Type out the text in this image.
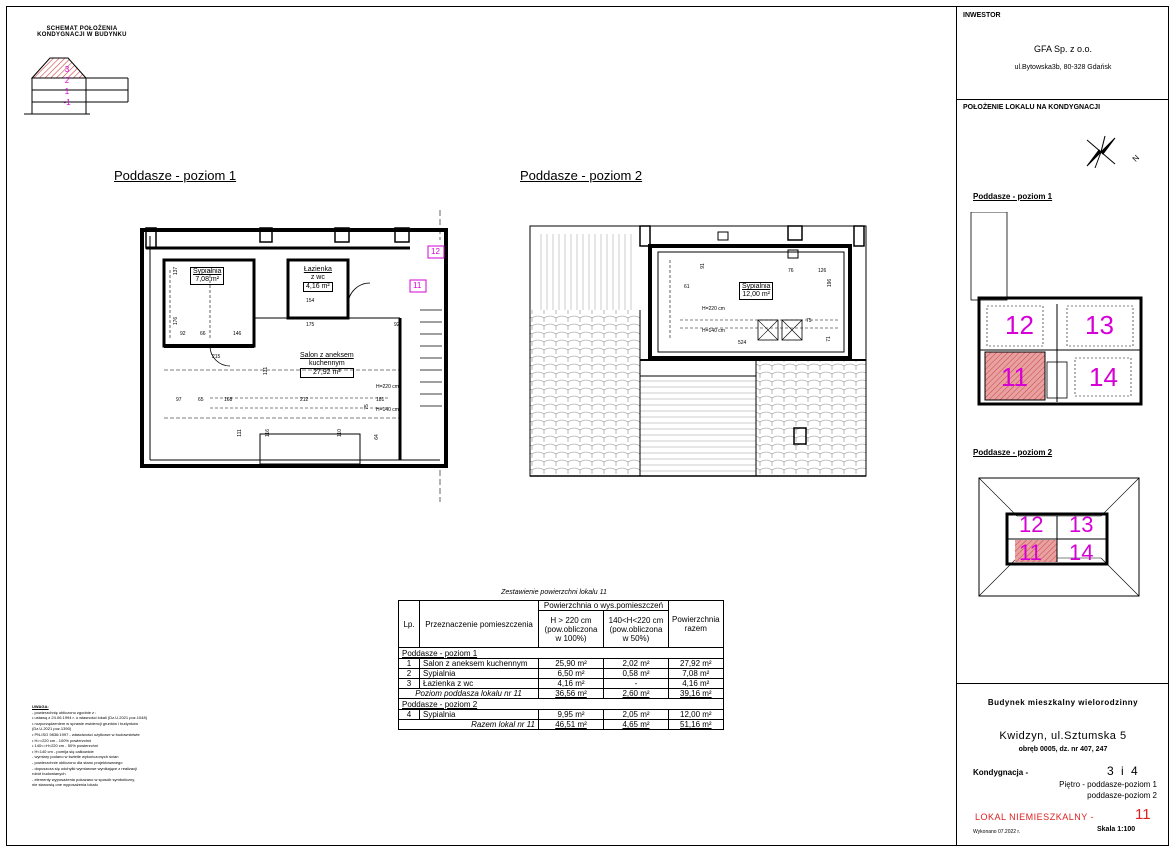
SCHEMAT POŁOŻENIA
KONDYGNACJI W BUDYNKU
3
2
1
-1
Poddasze - poziom 1	Poddasze - poziom 2
12
11
Sypialnia
7,08 m²
Łazienka
z wc
4,16 m²
Salon z aneksem
kuchennym
27,92 m²
H=220 cm
H=140 cm
137
176
92	66
215
146
97	65	168	212	181
111	116	110
75
64
175
154
92
131
Sypialnia
12,00 m²
H=220 cm
H=140 cm
91
61
76	126
196
71
524
75
Zestawienie powierzchni lokalu 11
Lp.	Przeznaczenie pomieszczenia	Powierzchnia o wys.pomieszczeń		Powierzchnia razem
		H > 220 cm (pow.obliczona w 100%)	140<H<220 cm (pow.obliczona w 50%)	
Poddasze - poziom 1				
1	Salon z aneksem kuchennym	25,90 m²	2,02 m²	27,92 m²
2	Sypialnia	6,50 m²	0,58 m²	7,08 m²
3	Łazienka z wc	4,16 m²	-	4,16 m²
Poziom poddasza lokalu nr 11		36,56 m²	2,60 m²	39,16 m²
Poddasze - poziom 2				
4	Sypialnia	9,95 m²	2,05 m²	12,00 m²
Razem lokal nr 11		46,51 m²	4,65 m²	51,16 m²
UWAGA:
- powierzchnię obliczono zgodnie z :
• ustawą z 24.06.1994 r. o własności lokali (Dz.U.2021 poz.1048)
• rozporządzeniem w sprawie ewidencji gruntów i budynków
(Dz.U.2021 poz.1390)
• PN-ISO 9836:1997 - właściwości użytkowe w budownictwie
• H>=220 cm - 100% powierzchni
• 140<=H<220 cm - 50% powierzchni
• H<140 cm - pomija się całkowicie
- wymiary podano w świetle wykończonych ścian
- powierzchnie obliczono dla stanu projektowanego
- dopuszcza się odchyłki wymiarowe wynikające z realizacji
robót budowlanych
- elementy wyposażenia pokazano w sposób symboliczny,
nie stanowią one wyposażenia lokalu
INWESTOR
GFA Sp. z o.o.
ul.Bytowska3b, 80-328 Gdańsk
POŁOŻENIE LOKALU NA KONDYGNACJI
N
Poddasze - poziom 1
12 13
11 14
Poddasze - poziom 2
12 13
11 14
Budynek mieszkalny wielorodzinny
Kwidzyn, ul.Sztumska 5
obręb 0005, dz. nr 407, 247
Kondygnacja -	3 i 4
Piętro - poddasze-poziom 1
poddasze-poziom 2
LOKAL NIEMIESZKALNY -	11
Wykonano 07.2022 r.	Skala 1:100
